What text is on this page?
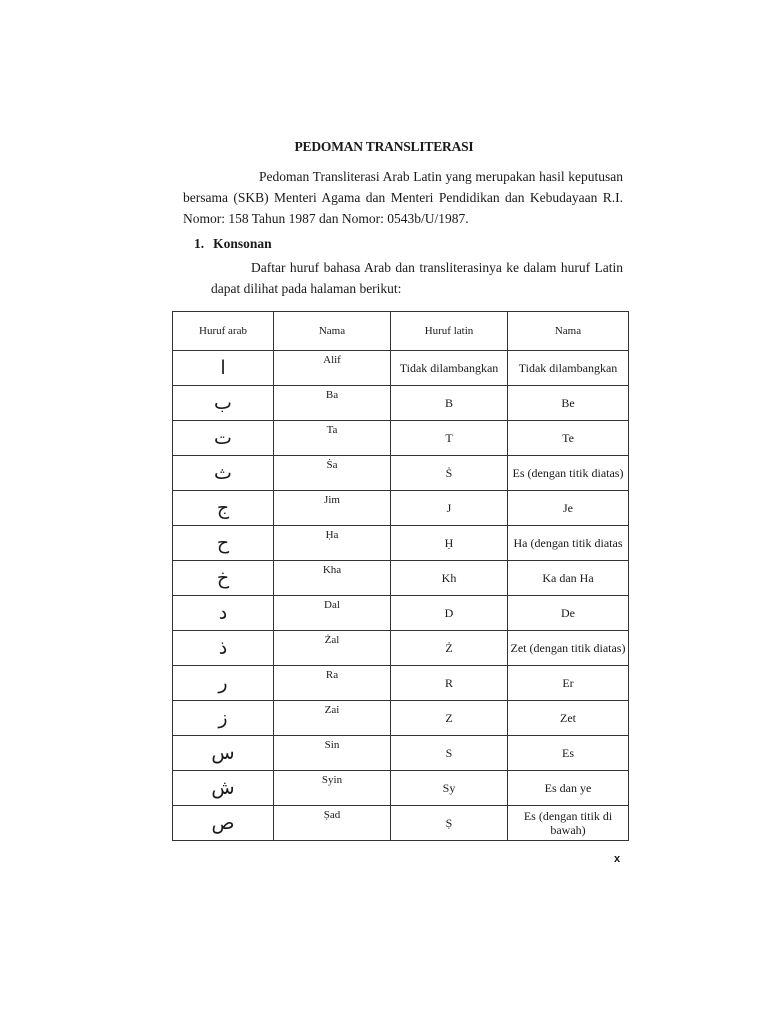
PEDOMAN TRANSLITERASI

Pedoman Transliterasi Arab Latin yang merupakan hasil keputusan bersama (SKB) Menteri Agama dan Menteri Pendidikan dan Kebudayaan R.I. Nomor: 158 Tahun 1987 dan Nomor: 0543b/U/1987.

1. Konsonan

Daftar huruf bahasa Arab dan transliterasinya ke dalam huruf Latin dapat dilihat pada halaman berikut:

Huruf arab	Nama	Huruf latin	Nama
ا	Alif	Tidak dilambangkan	Tidak dilambangkan
ب	Ba	B	Be
ت	Ta	T	Te
ث	Ṡa	Ṡ	Es (dengan titik diatas)
ج	Jim	J	Je
ح	Ḥa	Ḥ	Ha (dengan titik diatas
خ	Kha	Kh	Ka dan Ha
د	Dal	D	De
ذ	Żal	Ż	Zet (dengan titik diatas)
ر	Ra	R	Er
ز	Zai	Z	Zet
س	Sin	S	Es
ش	Syin	Sy	Es dan ye
ص	Ṣad	Ṣ	Es (dengan titik di bawah)
x
